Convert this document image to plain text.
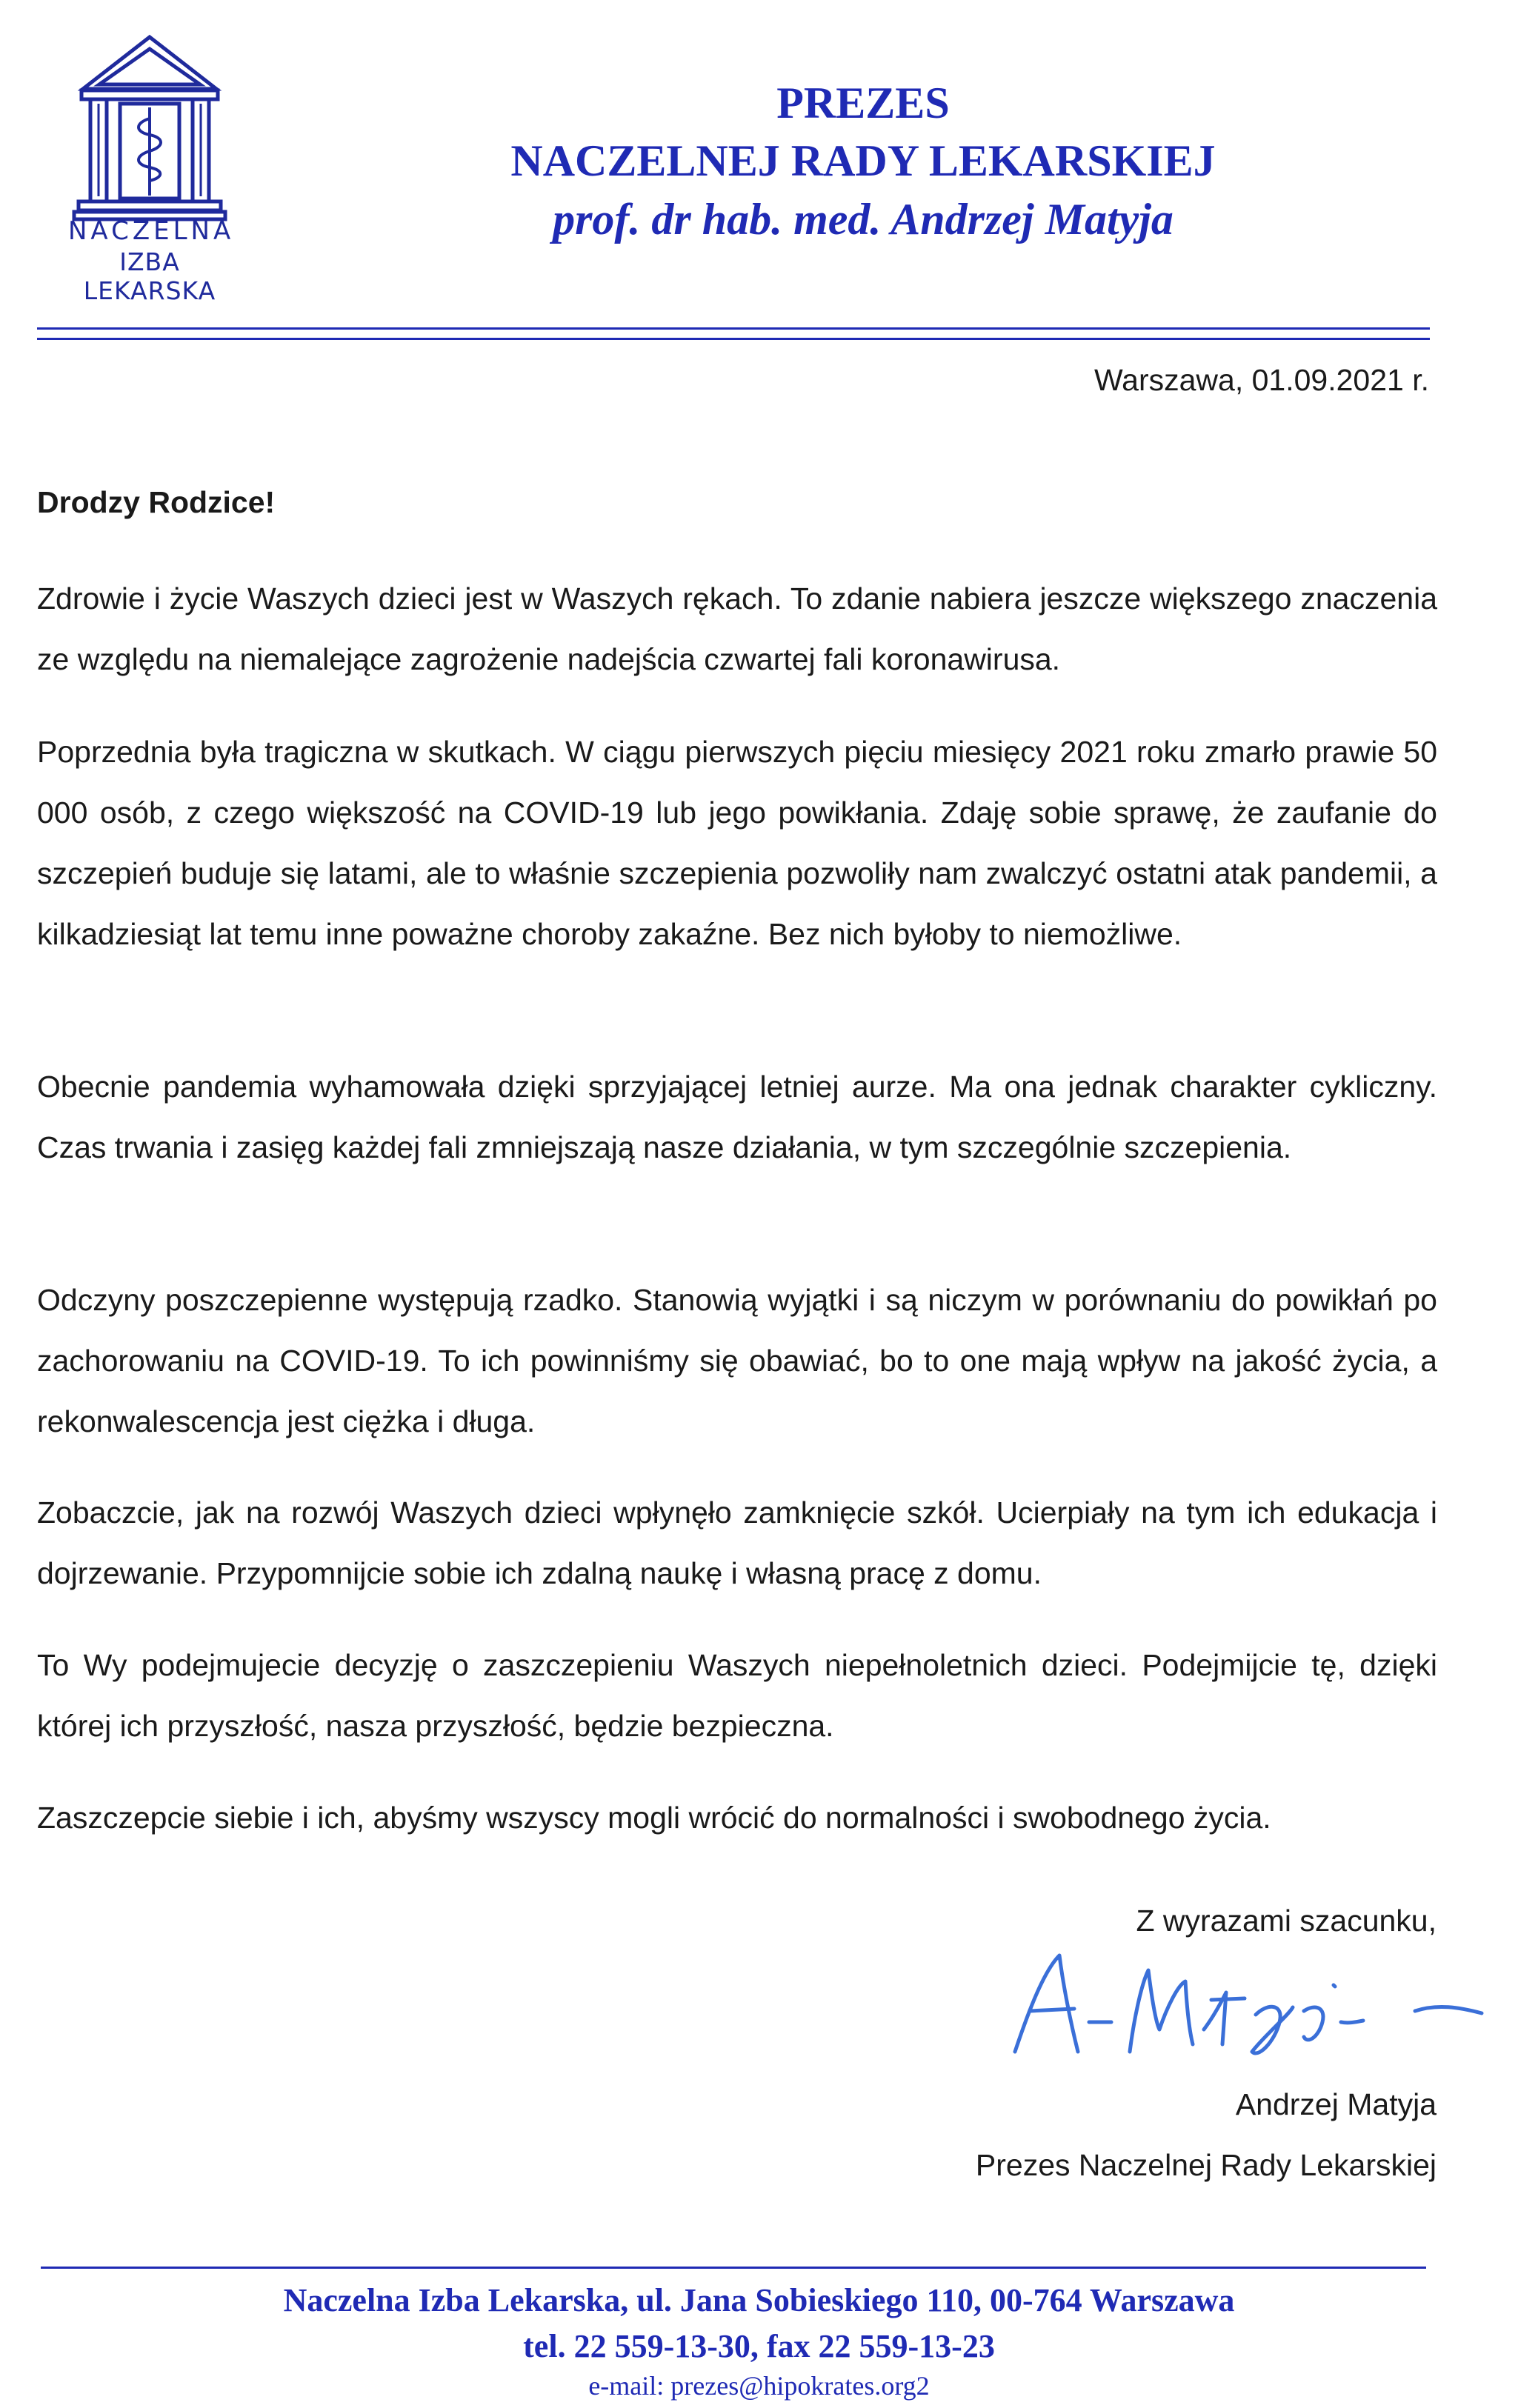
NACZELNA
IZBA LEKARSKA
PREZES
NACZELNEJ RADY LEKARSKIEJ
prof. dr hab. med. Andrzej Matyja
Warszawa, 01.09.2021 r.
Drodzy Rodzice!
Zdrowie i życie Waszych dzieci jest w Waszych rękach. To zdanie nabiera jeszcze większego znaczenia ze względu na niemalejące zagrożenie nadejścia czwartej fali koronawirusa.
Poprzednia była tragiczna w skutkach. W ciągu pierwszych pięciu miesięcy 2021 roku zmarło prawie 50 000 osób, z czego większość na COVID-19 lub jego powikłania. Zdaję sobie sprawę, że zaufanie do szczepień buduje się latami, ale to właśnie szczepienia pozwoliły nam zwalczyć ostatni atak pandemii, a kilkadziesiąt lat temu inne poważne choroby zakaźne. Bez nich byłoby to niemożliwe.
Obecnie pandemia wyhamowała dzięki sprzyjającej letniej aurze. Ma ona jednak charakter cykliczny. Czas trwania i zasięg każdej fali zmniejszają nasze działania, w tym szczególnie szczepienia.
Odczyny poszczepienne występują rzadko. Stanowią wyjątki i są niczym w porównaniu do powikłań po zachorowaniu na COVID-19. To ich powinniśmy się obawiać, bo to one mają wpływ na jakość życia, a rekonwalescencja jest ciężka i długa.
Zobaczcie, jak na rozwój Waszych dzieci wpłynęło zamknięcie szkół. Ucierpiały na tym ich edukacja i dojrzewanie. Przypomnijcie sobie ich zdalną naukę i własną pracę z domu.
To Wy podejmujecie decyzję o zaszczepieniu Waszych niepełnoletnich dzieci. Podejmijcie tę, dzięki której ich przyszłość, nasza przyszłość, będzie bezpieczna.
Zaszczepcie siebie i ich, abyśmy wszyscy mogli wrócić do normalności i swobodnego życia.
Z wyrazami szacunku,
Andrzej Matyja
Prezes Naczelnej Rady Lekarskiej
Naczelna Izba Lekarska, ul. Jana Sobieskiego 110, 00-764 Warszawa
tel. 22 559-13-30, fax 22 559-13-23
e-mail: prezes@hipokrates.org2
